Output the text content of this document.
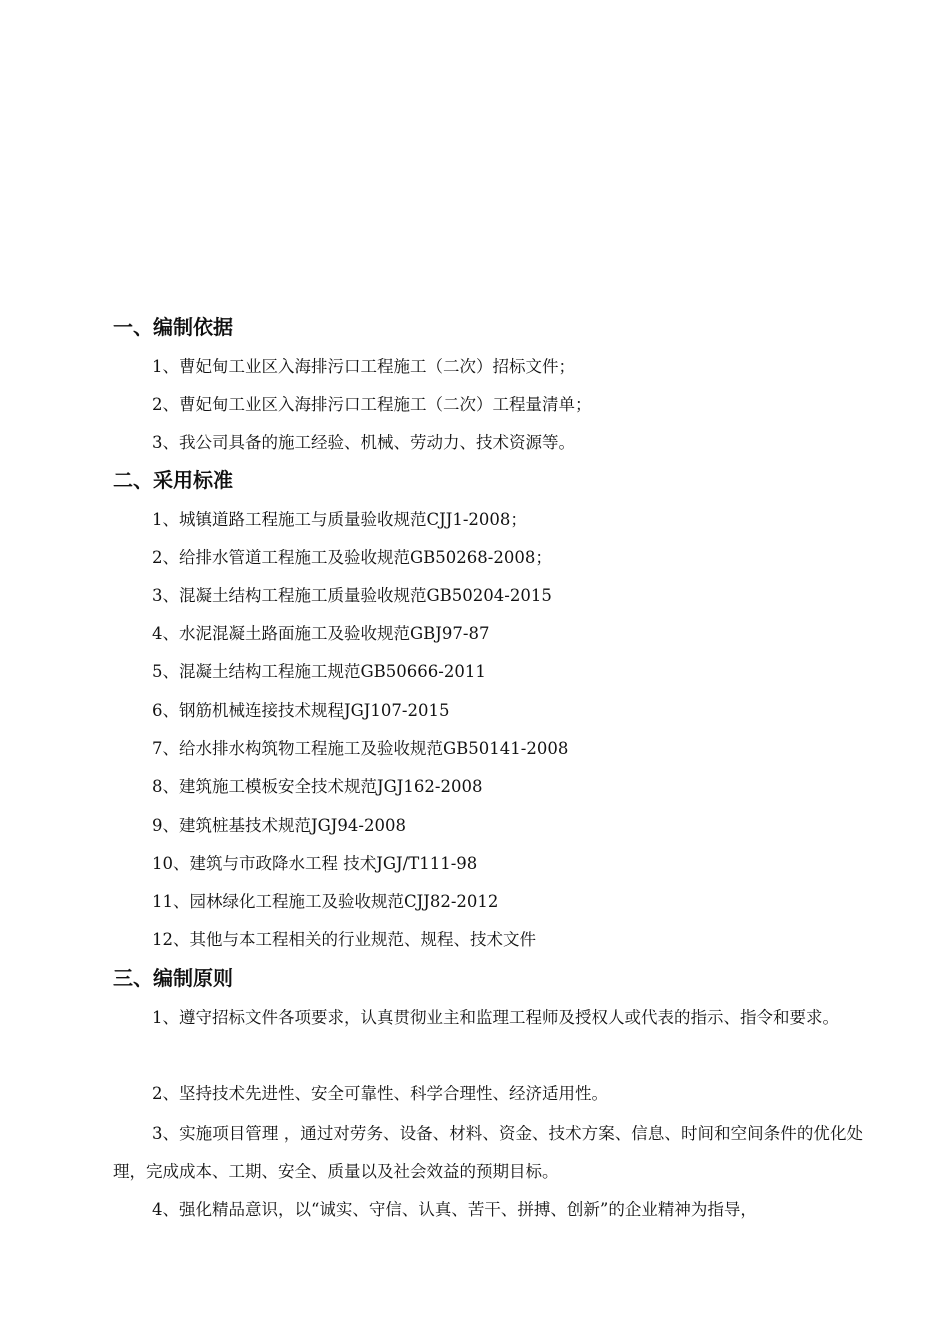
一、编制依据
1、曹妃甸工业区入海排污口工程施工（二次）招标文件；
2、曹妃甸工业区入海排污口工程施工（二次）工程量清单；
3、我公司具备的施工经验、机械、劳动力、技术资源等。
二、采用标准
1、城镇道路工程施工与质量验收规范CJJ1-2008；
2、给排水管道工程施工及验收规范GB50268-2008；
3、混凝土结构工程施工质量验收规范GB50204-2015
4、水泥混凝土路面施工及验收规范GBJ97-87
5、混凝土结构工程施工规范GB50666-2011
6、钢筋机械连接技术规程JGJ107-2015
7、给水排水构筑物工程施工及验收规范GB50141-2008
8、建筑施工模板安全技术规范JGJ162-2008
9、建筑桩基技术规范JGJ94-2008
10、建筑与市政降水工程 技术JGJ/T111-98
11、园林绿化工程施工及验收规范CJJ82-2012
12、其他与本工程相关的行业规范、规程、技术文件
三、编制原则
1、遵守招标文件各项要求，认真贯彻业主和监理工程师及授权人或代表的指示、指令和要求。
2、坚持技术先进性、安全可靠性、科学合理性、经济适用性。
3、实施项目管理 ，通过对劳务、设备、材料、资金、技术方案、信息、时间和空间条件的优化处理，完成成本、工期、安全、质量以及社会效益的预期目标。
4、强化精品意识，以“诚实、守信、认真、苦干、拼搏、创新”的企业精神为指导，
